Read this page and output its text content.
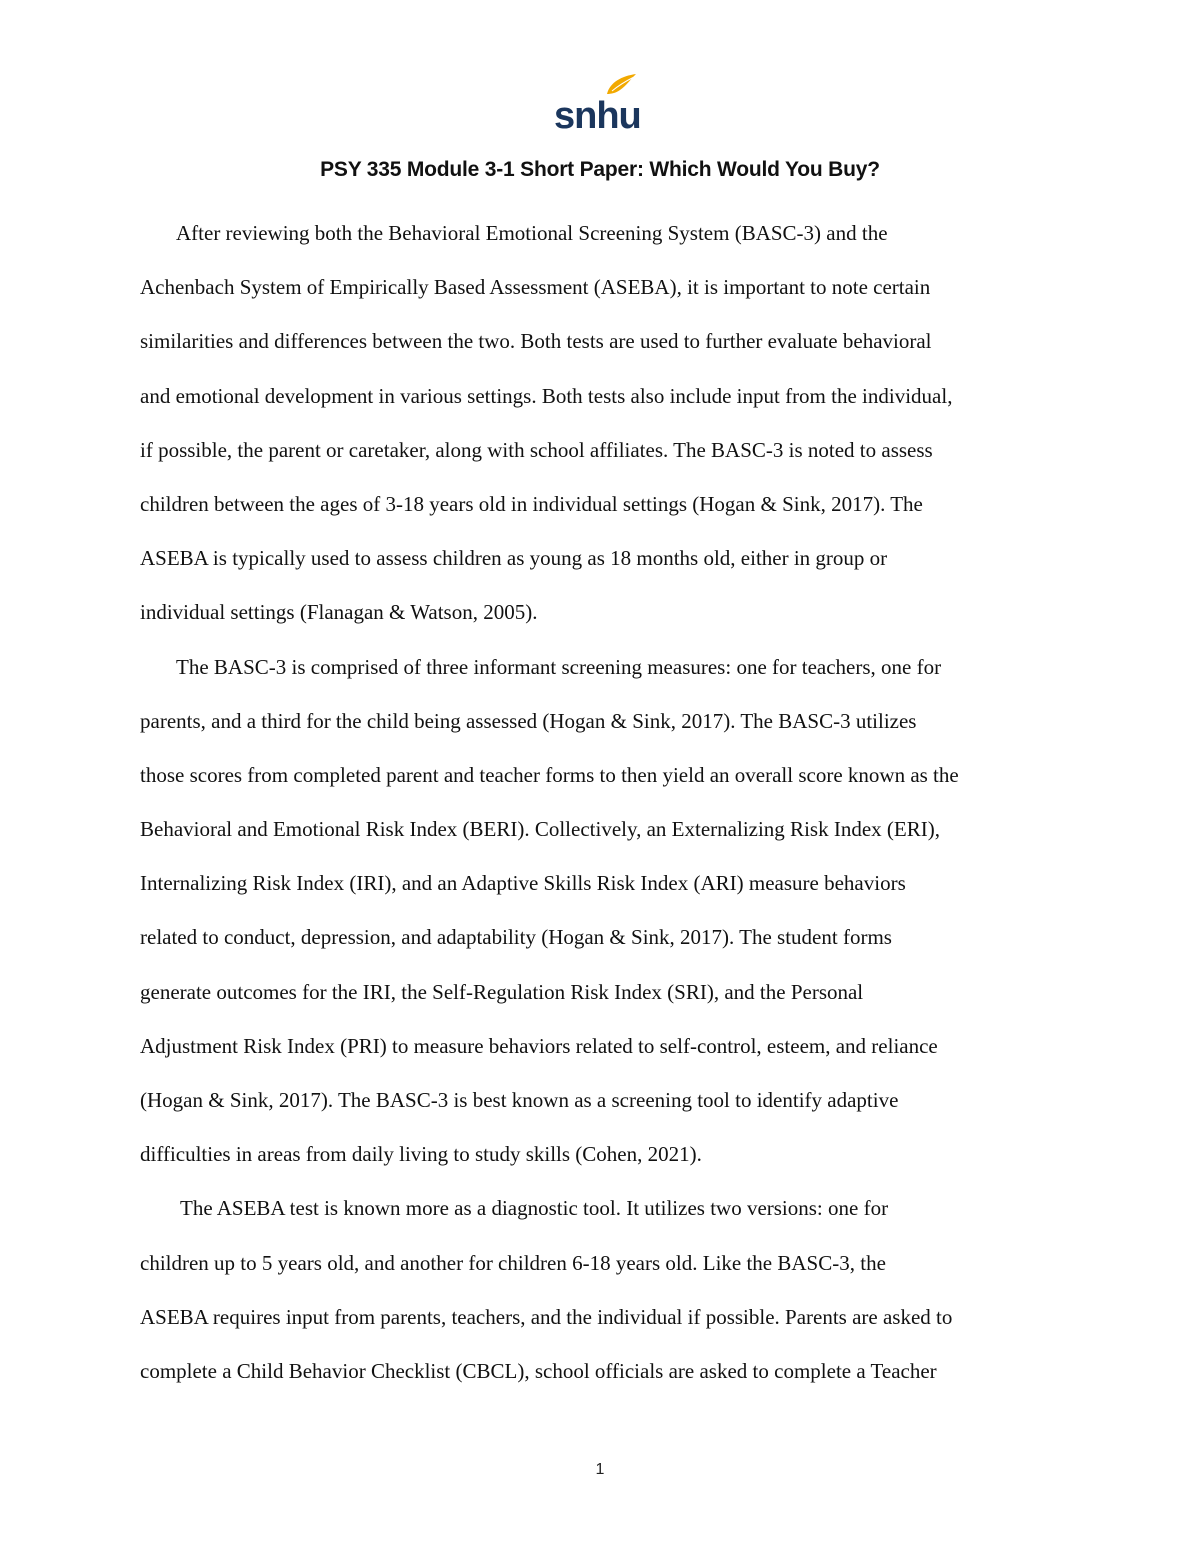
snhu
PSY 335 Module 3-1 Short Paper: Which Would You Buy?
After reviewing both the Behavioral Emotional Screening System (BASC-3) and the
Achenbach System of Empirically Based Assessment (ASEBA), it is important to note certain
similarities and differences between the two. Both tests are used to further evaluate behavioral
and emotional development in various settings. Both tests also include input from the individual,
if possible, the parent or caretaker, along with school affiliates. The BASC-3 is noted to assess
children between the ages of 3-18 years old in individual settings (Hogan & Sink, 2017). The
ASEBA is typically used to assess children as young as 18 months old, either in group or
individual settings (Flanagan & Watson, 2005).
The BASC-3 is comprised of three informant screening measures: one for teachers, one for
parents, and a third for the child being assessed (Hogan & Sink, 2017). The BASC-3 utilizes
those scores from completed parent and teacher forms to then yield an overall score known as the
Behavioral and Emotional Risk Index (BERI). Collectively, an Externalizing Risk Index (ERI),
Internalizing Risk Index (IRI), and an Adaptive Skills Risk Index (ARI) measure behaviors
related to conduct, depression, and adaptability (Hogan & Sink, 2017). The student forms
generate outcomes for the IRI, the Self-Regulation Risk Index (SRI), and the Personal
Adjustment Risk Index (PRI) to measure behaviors related to self-control, esteem, and reliance
(Hogan & Sink, 2017). The BASC-3 is best known as a screening tool to identify adaptive
difficulties in areas from daily living to study skills (Cohen, 2021).
The ASEBA test is known more as a diagnostic tool. It utilizes two versions: one for
children up to 5 years old, and another for children 6-18 years old. Like the BASC-3, the
ASEBA requires input from parents, teachers, and the individual if possible. Parents are asked to
complete a Child Behavior Checklist (CBCL), school officials are asked to complete a Teacher
1
